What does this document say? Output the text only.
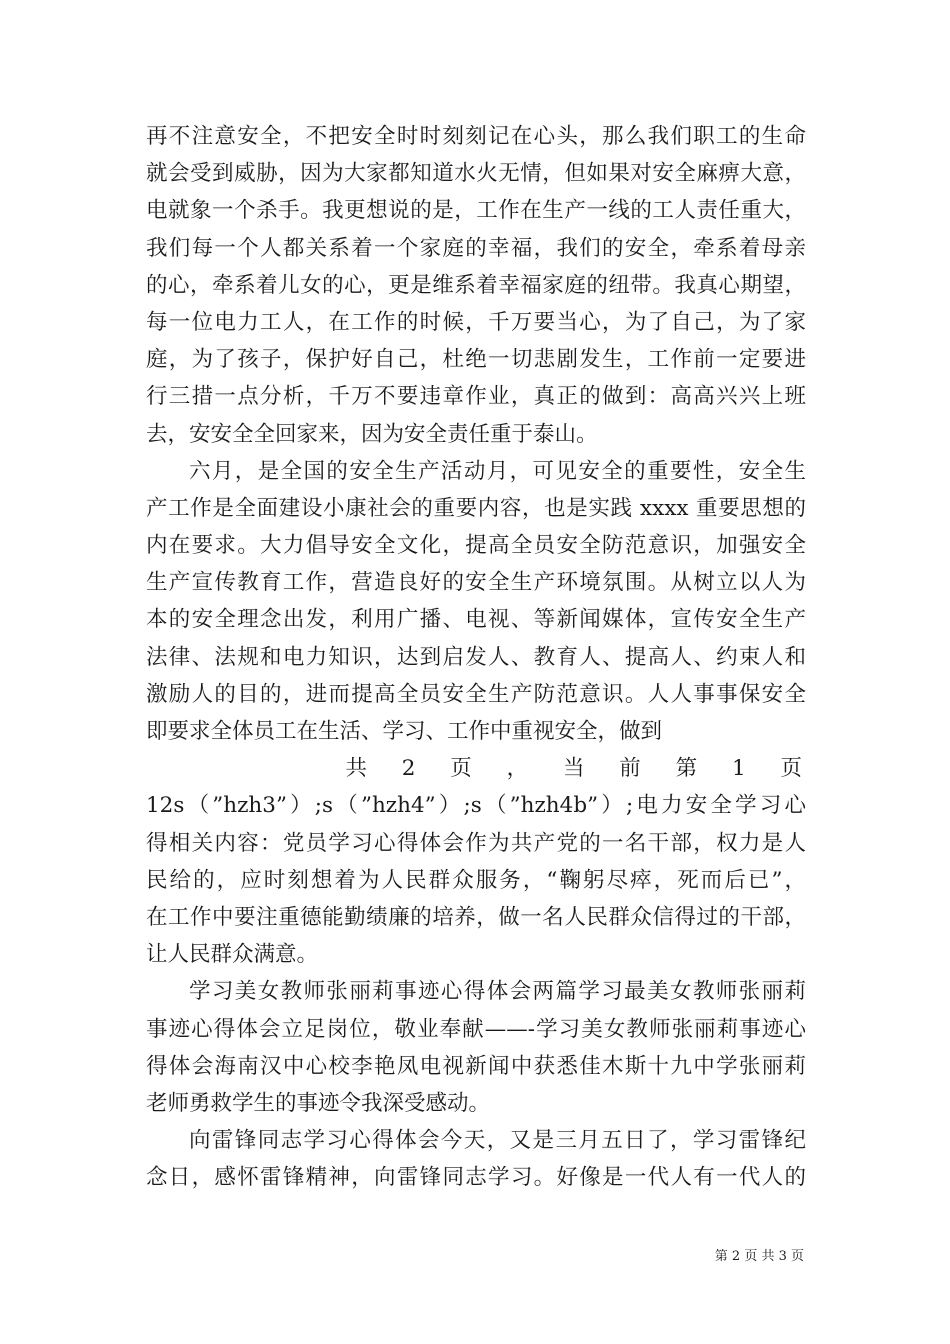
再不注意安全，不把安全时时刻刻记在心头，那么我们职工的生命
就会受到威胁，因为大家都知道水火无情，但如果对安全麻痹大意，
电就象一个杀手。我更想说的是，工作在生产一线的工人责任重大，
我们每一个人都关系着一个家庭的幸福，我们的安全，牵系着母亲
的心，牵系着儿女的心，更是维系着幸福家庭的纽带。我真心期望，
每一位电力工人，在工作的时候，千万要当心，为了自己，为了家
庭，为了孩子，保护好自己，杜绝一切悲剧发生，工作前一定要进
行三措一点分析，千万不要违章作业，真正的做到：高高兴兴上班
去，安安全全回家来，因为安全责任重于泰山。
六月，是全国的安全生产活动月，可见安全的重要性，安全生
产工作是全面建设小康社会的重要内容，也是实践 xxxx 重要思想的
内在要求。大力倡导安全文化，提高全员安全防范意识，加强安全
生产宣传教育工作，营造良好的安全生产环境氛围。从树立以人为
本的安全理念出发，利用广播、电视、等新闻媒体，宣传安全生产
法律、法规和电力知识，达到启发人、教育人、提高人、约束人和
激励人的目的，进而提高全员安全生产防范意识。人人事事保安全
即要求全体员工在生活、学习、工作中重视安全，做到
共 2 页 ， 当 前 第 1 页
12s（”hzh3”）;s（”hzh4”）;s（”hzh4b”）;电力安全学习心
得相关内容：党员学习心得体会作为共产党的一名干部，权力是人
民给的，应时刻想着为人民群众服务，“鞠躬尽瘁，死而后已”，
在工作中要注重德能勤绩廉的培养，做一名人民群众信得过的干部，
让人民群众满意。
学习美女教师张丽莉事迹心得体会两篇学习最美女教师张丽莉
事迹心得体会立足岗位，敬业奉献——-学习美女教师张丽莉事迹心
得体会海南汉中心校李艳凤电视新闻中获悉佳木斯十九中学张丽莉
老师勇救学生的事迹令我深受感动。
向雷锋同志学习心得体会今天，又是三月五日了，学习雷锋纪
念日，感怀雷锋精神，向雷锋同志学习。好像是一代人有一代人的
第 2 页 共 3 页
